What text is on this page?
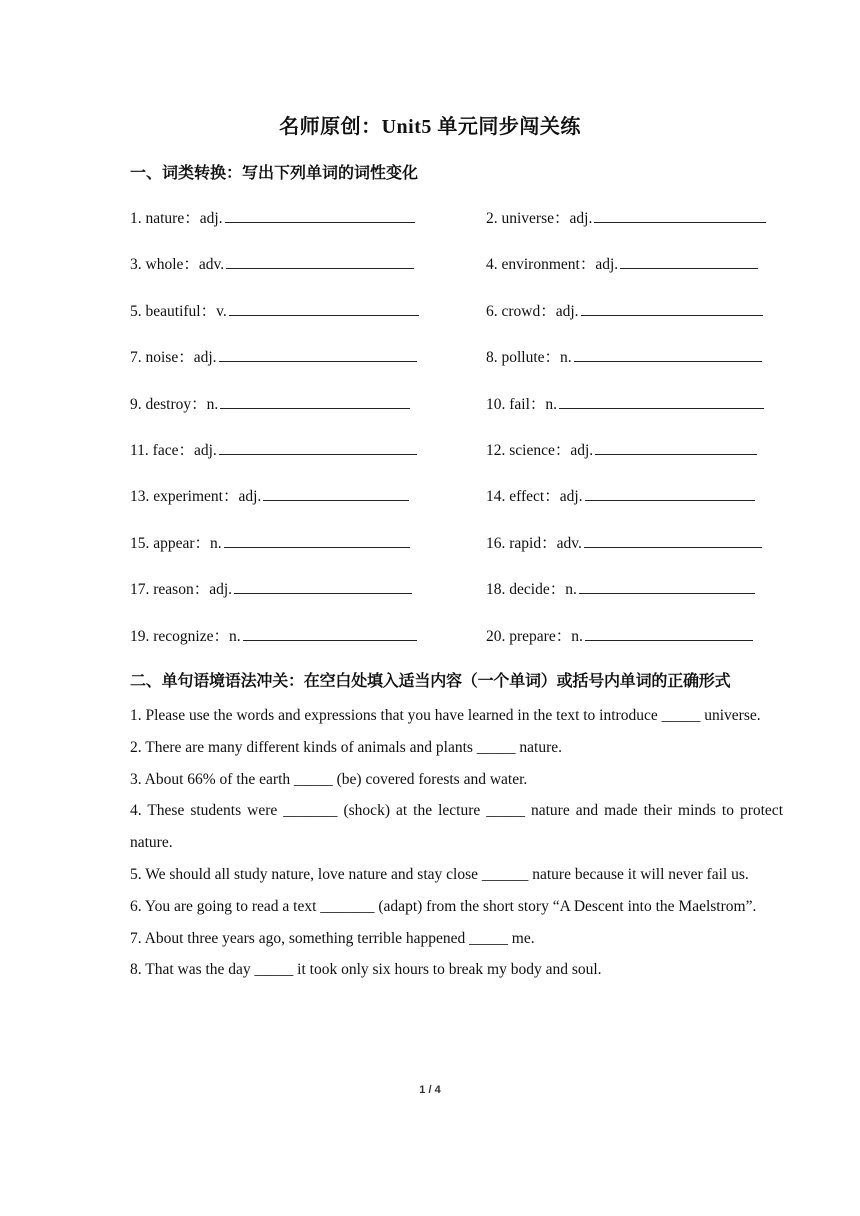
名师原创：Unit5 单元同步闯关练
一、词类转换：写出下列单词的词性变化
1. nature：adj.	2. universe：adj.
3. whole：adv.	4. environment：adj.
5. beautiful：v.	6. crowd：adj.
7. noise：adj.	8. pollute：n.
9. destroy：n.	10. fail：n.
11. face：adj.	12. science：adj.
13. experiment：adj.	14. effect：adj.
15. appear：n.	16. rapid：adv.
17. reason：adj.	18. decide：n.
19. recognize：n.	20. prepare：n.
二、单句语境语法冲关：在空白处填入适当内容（一个单词）或括号内单词的正确形式

1. Please use the words and expressions that you have learned in the text to introduce _____ universe.

2. There are many different kinds of animals and plants _____ nature.

3. About 66% of the earth _____ (be) covered forests and water.

4. These students were _______ (shock) at the lecture _____ nature and made their minds to protect nature.

5. We should all study nature, love nature and stay close ______ nature because it will never fail us.

6. You are going to read a text _______ (adapt) from the short story “A Descent into the Maelstrom”.

7. About three years ago, something terrible happened _____ me.

8. That was the day _____ it took only six hours to break my body and soul.

1 / 4
